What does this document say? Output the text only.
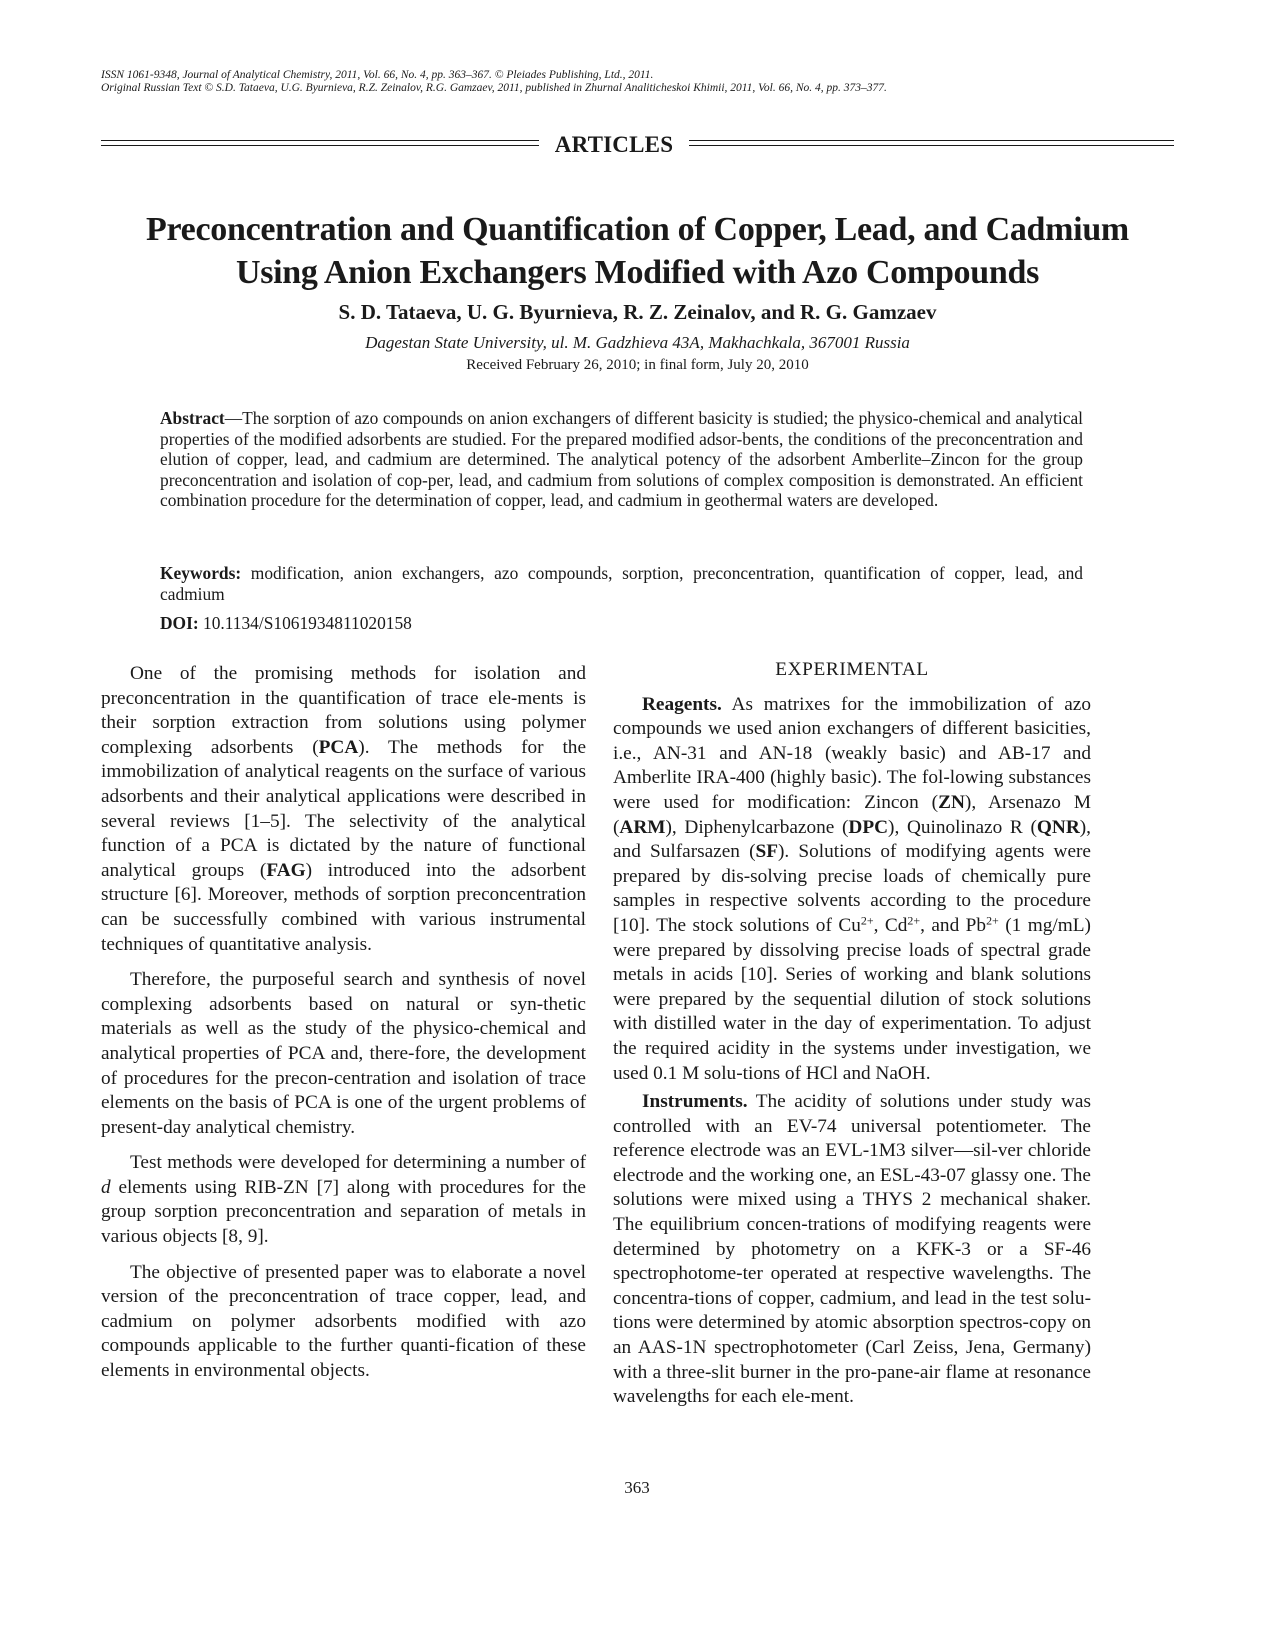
ISSN 1061-9348, Journal of Analytical Chemistry, 2011, Vol. 66, No. 4, pp. 363–367. © Pleiades Publishing, Ltd., 2011.
Original Russian Text © S.D. Tataeva, U.G. Byurnieva, R.Z. Zeinalov, R.G. Gamzaev, 2011, published in Zhurnal Analiticheskoi Khimii, 2011, Vol. 66, No. 4, pp. 373–377.
ARTICLES
Preconcentration and Quantification of Copper, Lead, and Cadmium
Using Anion Exchangers Modified with Azo Compounds
S. D. Tataeva, U. G. Byurnieva, R. Z. Zeinalov, and R. G. Gamzaev
Dagestan State University, ul. M. Gadzhieva 43A, Makhachkala, 367001 Russia
Received February 26, 2010; in final form, July 20, 2010
Abstract—The sorption of azo compounds on anion exchangers of different basicity is studied; the physico-chemical and analytical properties of the modified adsorbents are studied. For the prepared modified adsor-bents, the conditions of the preconcentration and elution of copper, lead, and cadmium are determined. The analytical potency of the adsorbent Amberlite–Zincon for the group preconcentration and isolation of cop-per, lead, and cadmium from solutions of complex composition is demonstrated. An efficient combination procedure for the determination of copper, lead, and cadmium in geothermal waters are developed.
Keywords: modification, anion exchangers, azo compounds, sorption, preconcentration, quantification of copper, lead, and cadmium
DOI: 10.1134/S1061934811020158

One of the promising methods for isolation and preconcentration in the quantification of trace ele-ments is their sorption extraction from solutions using polymer complexing adsorbents (PCA). The methods for the immobilization of analytical reagents on the surface of various adsorbents and their analytical applications were described in several reviews [1–5]. The selectivity of the analytical function of a PCA is dictated by the nature of functional analytical groups (FAG) introduced into the adsorbent structure [6]. Moreover, methods of sorption preconcentration can be successfully combined with various instrumental techniques of quantitative analysis.

Therefore, the purposeful search and synthesis of novel complexing adsorbents based on natural or syn-thetic materials as well as the study of the physico-chemical and analytical properties of PCA and, there-fore, the development of procedures for the precon-centration and isolation of trace elements on the basis of PCA is one of the urgent problems of present-day analytical chemistry.

Test methods were developed for determining a number of d elements using RIB-ZN [7] along with procedures for the group sorption preconcentration and separation of metals in various objects [8, 9].

The objective of presented paper was to elaborate a novel version of the preconcentration of trace copper, lead, and cadmium on polymer adsorbents modified with azo compounds applicable to the further quanti-fication of these elements in environmental objects.

EXPERIMENTAL

Reagents. As matrixes for the immobilization of azo compounds we used anion exchangers of different basicities, i.e., AN-31 and AN-18 (weakly basic) and AB-17 and Amberlite IRA-400 (highly basic). The fol-lowing substances were used for modification: Zincon (ZN), Arsenazo M (ARM), Diphenylcarbazone (DPC), Quinolinazo R (QNR), and Sulfarsazen (SF). Solutions of modifying agents were prepared by dis-solving precise loads of chemically pure samples in respective solvents according to the procedure [10]. The stock solutions of $Cu^{2+}$, $Cd^{2+}$, and $Pb^{2+}$ (1 mg/mL) were prepared by dissolving precise loads of spectral grade metals in acids [10]. Series of working and blank solutions were prepared by the sequential dilution of stock solutions with distilled water in the day of experimentation. To adjust the required acidity in the systems under investigation, we used 0.1 M solu-tions of HCl and NaOH.

Instruments. The acidity of solutions under study was controlled with an EV-74 universal potentiometer. The reference electrode was an EVL-1M3 silver—sil-ver chloride electrode and the working one, an ESL-43-07 glassy one. The solutions were mixed using a THYS 2 mechanical shaker. The equilibrium concen-trations of modifying reagents were determined by photometry on a KFK-3 or a SF-46 spectrophotome-ter operated at respective wavelengths. The concentra-tions of copper, cadmium, and lead in the test solu-tions were determined by atomic absorption spectros-copy on an AAS-1N spectrophotometer (Carl Zeiss, Jena, Germany) with a three-slit burner in the pro-pane-air flame at resonance wavelengths for each ele-ment.

363
